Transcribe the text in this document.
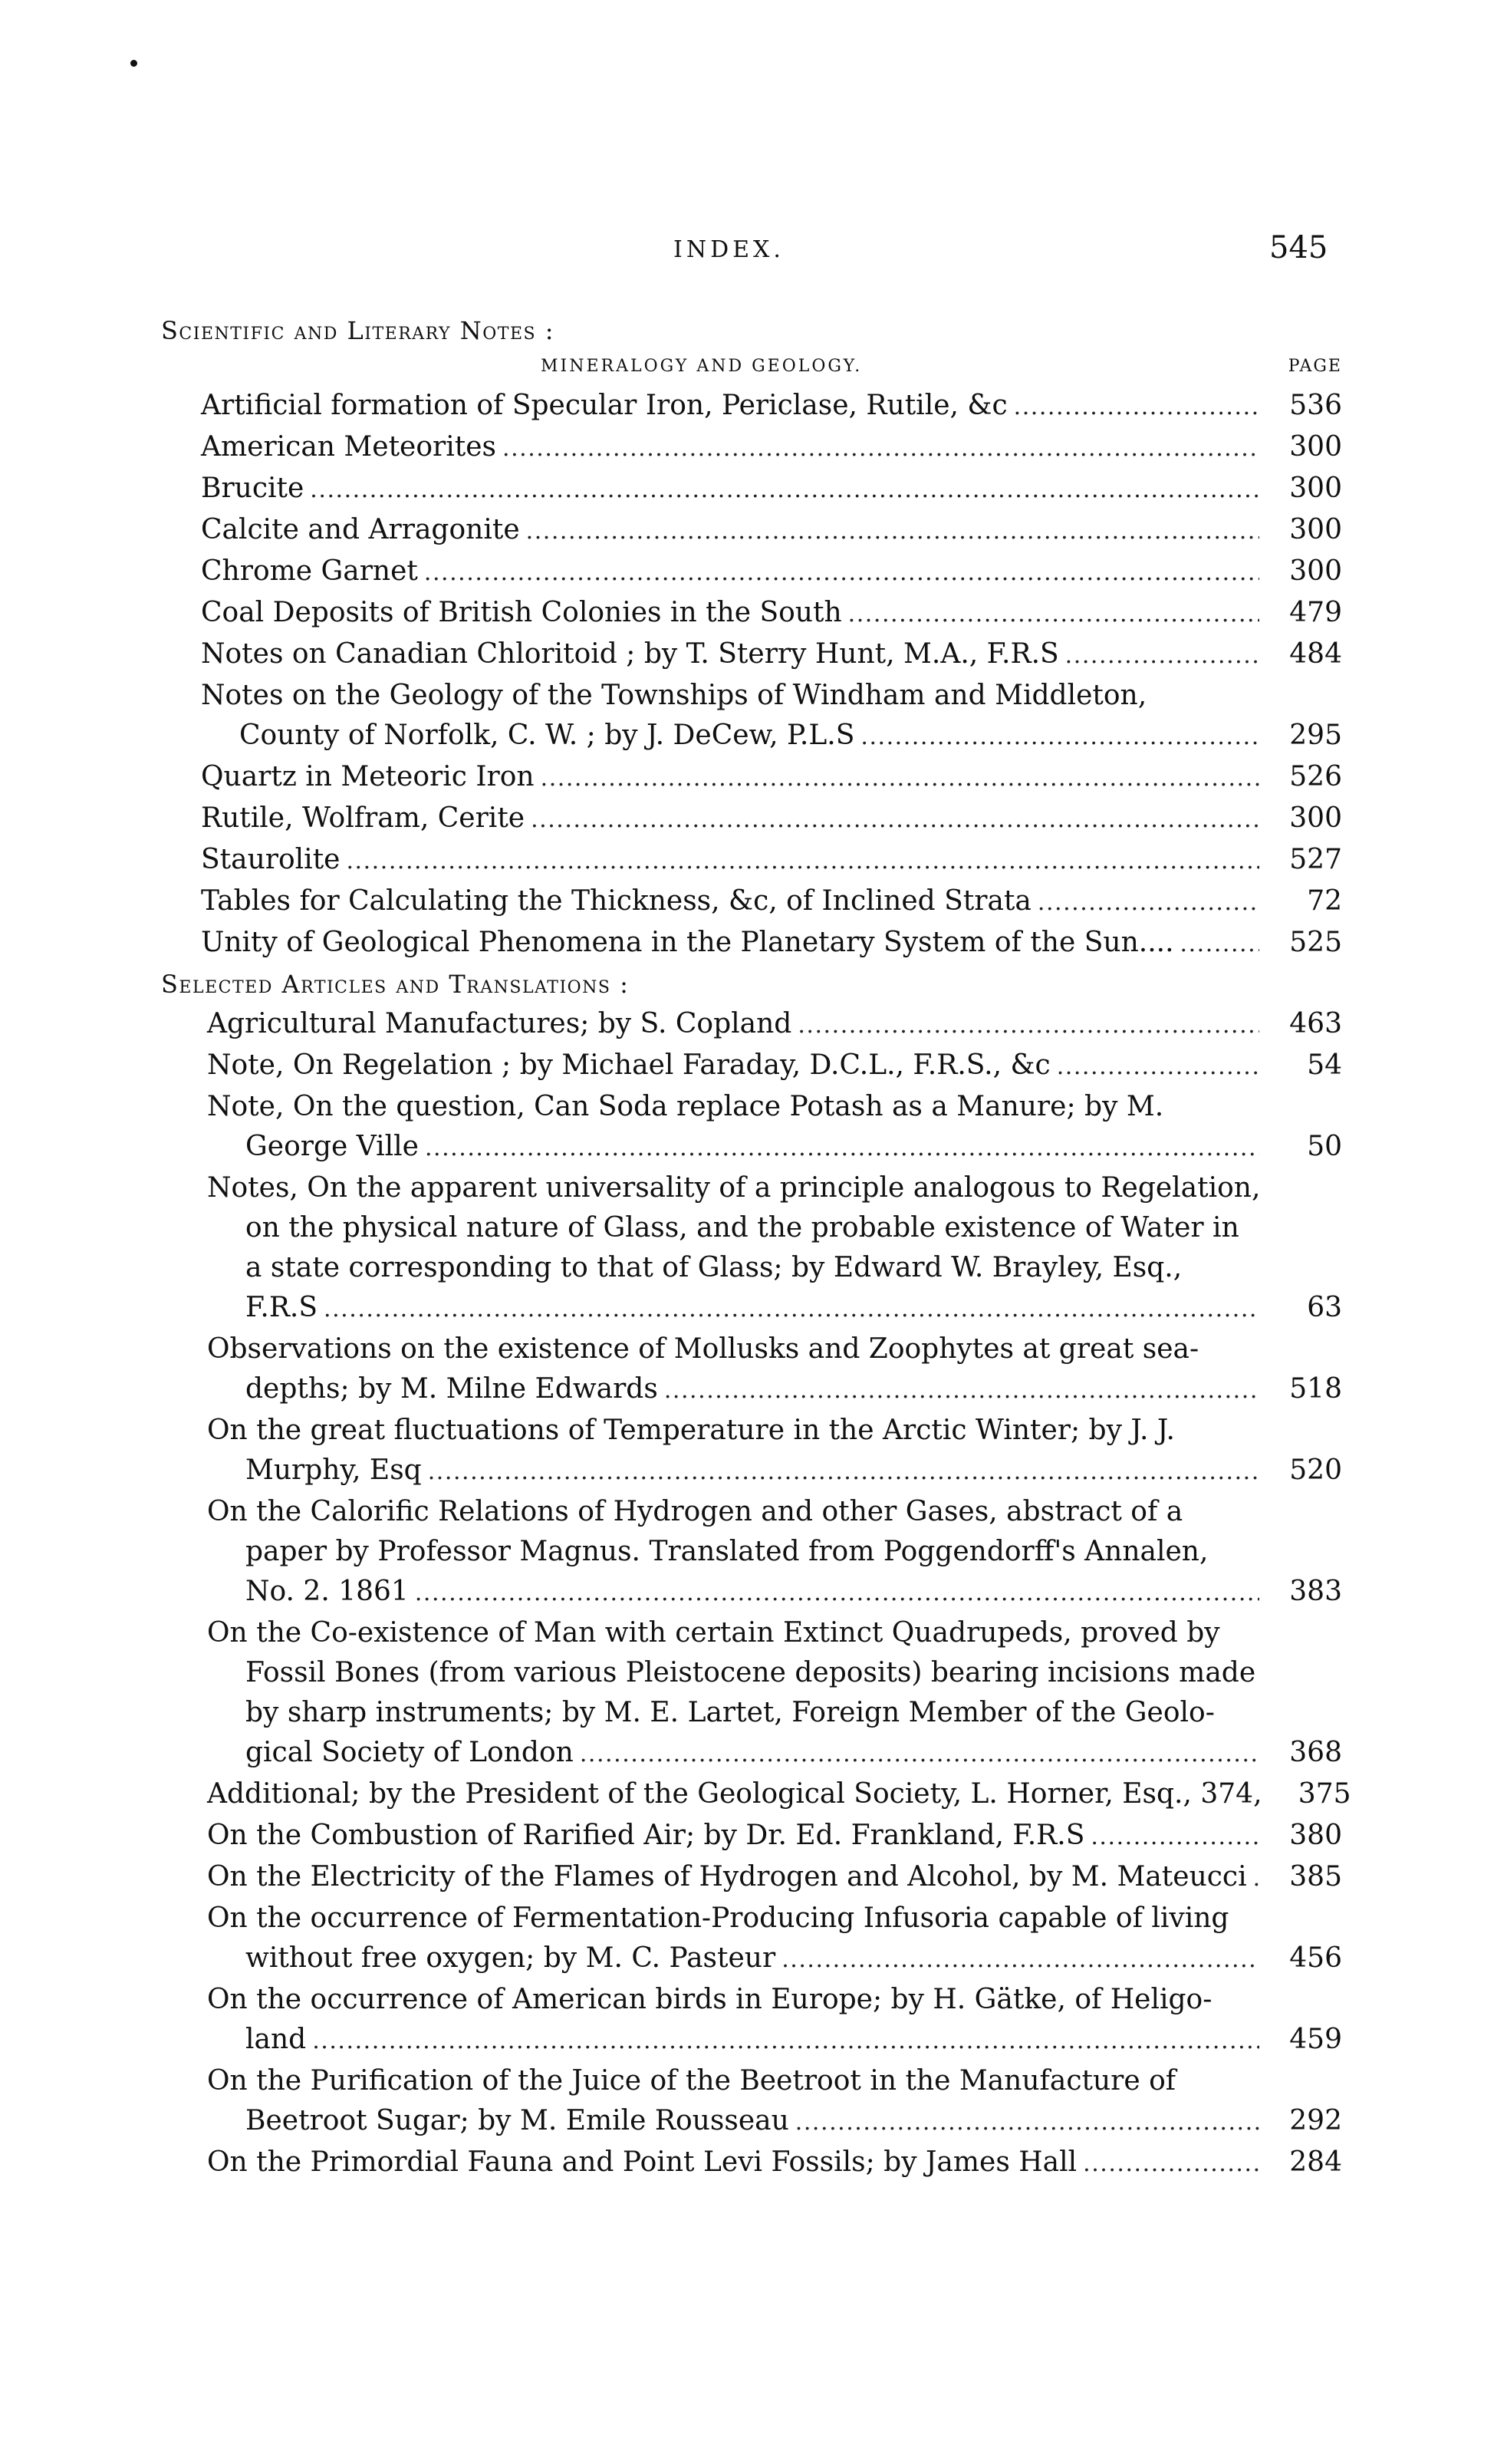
INDEX.	545
Scientific and Literary Notes :
MINERALOGY AND GEOLOGY.	PAGE
Artificial formation of Specular Iron, Periclase, Rutile, &c . . .	536
American Meteorites . . .	300
Brucite . . .	300
Calcite and Arragonite . . .	300
Chrome Garnet . . .	300
Coal Deposits of British Colonies in the South . . .	479
Notes on Canadian Chloritoid ; by T. Sterry Hunt, M.A., F.R.S . . .	484
Notes on the Geology of the Townships of Windham and Middleton,
County of Norfolk, C. W. ; by J. DeCew, P.L.S . . .	295
Quartz in Meteoric Iron . . .	526
Rutile, Wolfram, Cerite . . .	300
Staurolite . . .	527
Tables for Calculating the Thickness, &c, of Inclined Strata . . .	72
Unity of Geological Phenomena in the Planetary System of the Sun.... . . .	525
Selected Articles and Translations :
Agricultural Manufactures; by S. Copland . . .	463
Note, On Regelation ; by Michael Faraday, D.C.L., F.R.S., &c . . .	54
Note, On the question, Can Soda replace Potash as a Manure; by M.
George Ville . . .	50
Notes, On the apparent universality of a principle analogous to Regelation,
on the physical nature of Glass, and the probable existence of Water in
a state corresponding to that of Glass; by Edward W. Brayley, Esq.,
F.R.S . . .	63
Observations on the existence of Mollusks and Zoophytes at great sea-
depths; by M. Milne Edwards . . .	518
On the great fluctuations of Temperature in the Arctic Winter; by J. J.
Murphy, Esq . . .	520
On the Calorific Relations of Hydrogen and other Gases, abstract of a
paper by Professor Magnus. Translated from Poggendorff's Annalen,
No. 2. 1861 . . .	383
On the Co-existence of Man with certain Extinct Quadrupeds, proved by
Fossil Bones (from various Pleistocene deposits) bearing incisions made
by sharp instruments; by M. E. Lartet, Foreign Member of the Geolo-
gical Society of London . . .	368
Additional; by the President of the Geological Society, L. Horner, Esq., 374,	375
On the Combustion of Rarified Air; by Dr. Ed. Frankland, F.R.S . . .	380
On the Electricity of the Flames of Hydrogen and Alcohol, by M. Mateucci . . .	385
On the occurrence of Fermentation-Producing Infusoria capable of living
without free oxygen; by M. C. Pasteur . . .	456
On the occurrence of American birds in Europe; by H. Gätke, of Heligo-
land . . .	459
On the Purification of the Juice of the Beetroot in the Manufacture of
Beetroot Sugar; by M. Emile Rousseau . . .	292
On the Primordial Fauna and Point Levi Fossils; by James Hall . . .	284
